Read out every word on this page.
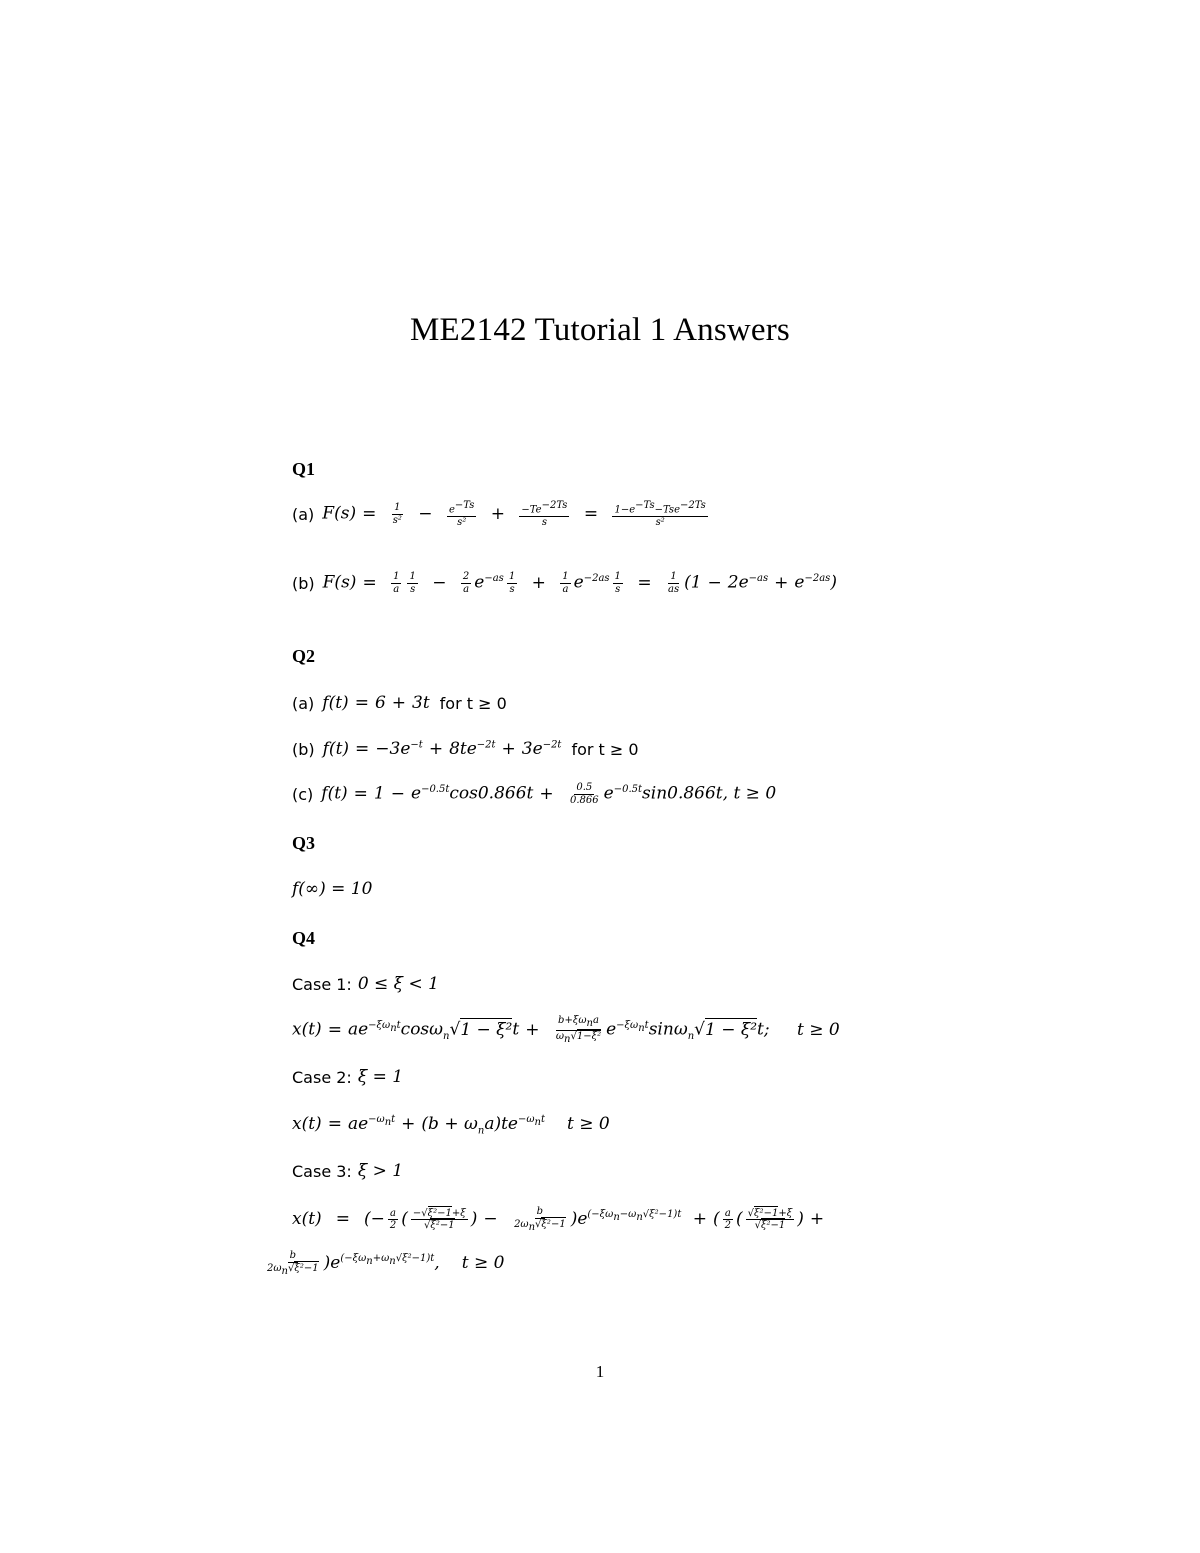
ME2142 Tutorial 1 Answers
Q1
(a) $F(s) = \frac{1}{\text{s²}} - \frac{e^{-Ts}}{\text{s²}} + \frac{-Te^{-2Ts}}{s} = \frac{1-e^{-Ts}-Tse^{-2Ts}}{\text{s²}}$
(b) $F(s) = \frac{1}{a} \frac{1}{s} - \frac{2}{a} e^{-as} \frac{1}{s} + \frac{1}{a} e^{-2as} \frac{1}{s} = \frac{1}{as} (1 - 2e^{-as} + e^{-2as})$
Q2
(a) f(t) = 6 + 3t for t ≥ 0
(b) $f(t) = -3e^{-t} + 8te^{-2t} + 3e^{-2t}$ for t ≥ 0
(c) $f(t) = 1 - e^{-0.5t}\cos 0.866t + \frac{0.5}{0.866} e^{-0.5t}\sin 0.866t$, t ≥ 0
Q3
f(∞) = 10
Q4
Case 1: 0 ≤ ξ < 1
$x(t) = ae^{-\xi\omega_nt}\cos\omega_n√1 - \xi^2t + \frac{b+\xi\omega_na}{\omega_n√1-\xi^2} e^{-\xi\omega_nt}\sin\omega_n√1 - \xi^2t$; t ≥ 0
Case 2: ξ = 1
$x(t) = ae^{-\omega_nt} + (b + \omega_na)te^{-\omega_nt}$ t ≥ 0
Case 3: ξ > 1
x(t) = (− $\frac{a}{2}$ ( $\frac{\text{−√ξ²−1+ξ}}{\text{√ξ²−1}}$ ) − $\frac{b}{2\omega_n√\xi^2-1} )e^{(-\xi\omega_n-\omega_n√\xi^2-1)t}$ + ( $\frac{a}{2}$ ( $\frac{\text{√ξ²−1+ξ}}{\text{√ξ²−1}}$ ) +
$\frac{b}{2\omega_n√\xi^2-1} )e^{(-\xi\omega_n+\omega_n√\xi^2-1)t}$, t ≥ 0
1
